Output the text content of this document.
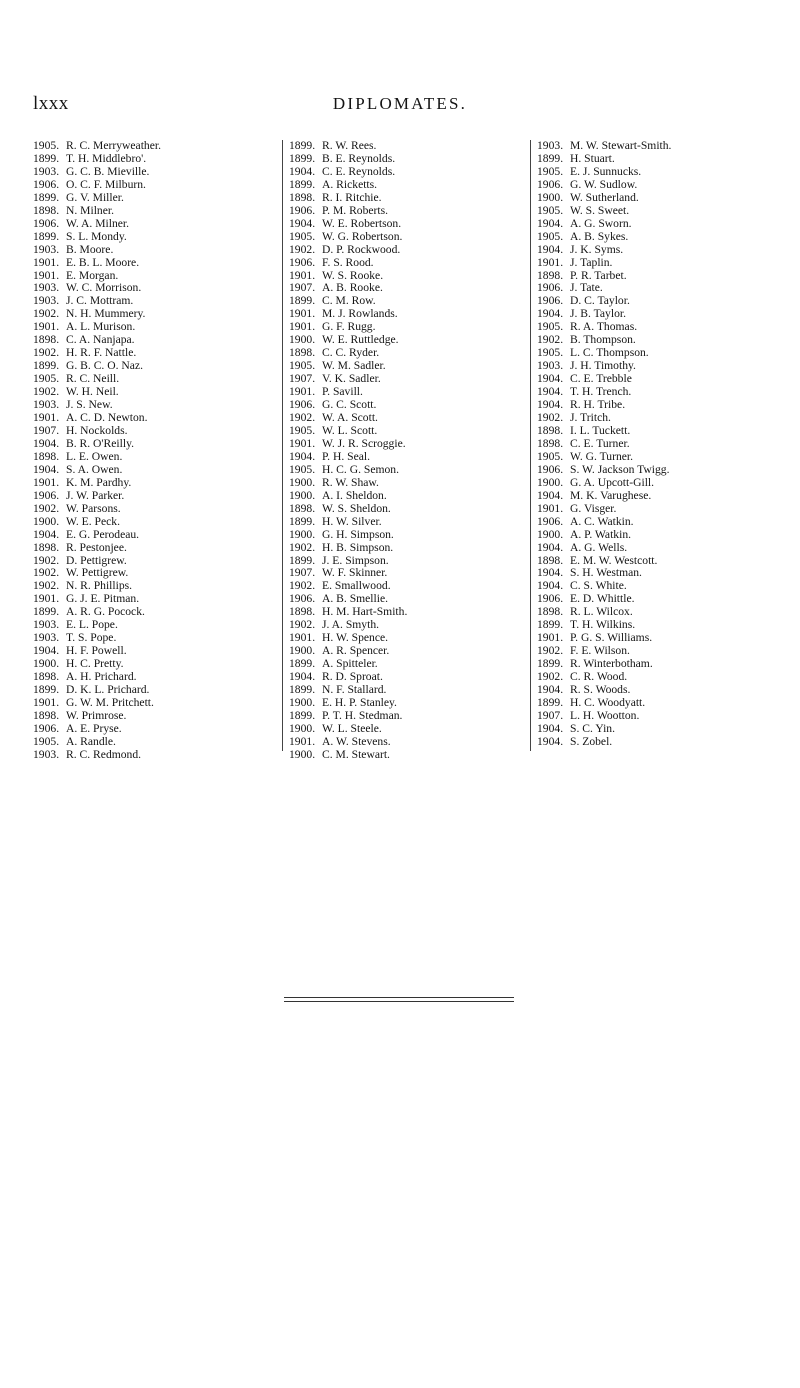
lxxx	DIPLOMATES.
1905. R. C. Merryweather.
1899. T. H. Middlebro'.
1903. G. C. B. Mieville.
1906. O. C. F. Milburn.
1899. G. V. Miller.
1898. N. Milner.
1906. W. A. Milner.
1899. S. L. Mondy.
1903. B. Moore.
1901. E. B. L. Moore.
1901. E. Morgan.
1903. W. C. Morrison.
1903. J. C. Mottram.
1902. N. H. Mummery.
1901. A. L. Murison.
1898. C. A. Nanjapa.
1902. H. R. F. Nattle.
1899. G. B. C. O. Naz.
1905. R. C. Neill.
1902. W. H. Neil.
1903. J. S. New.
1901. A. C. D. Newton.
1907. H. Nockolds.
1904. B. R. O'Reilly.
1898. L. E. Owen.
1904. S. A. Owen.
1901. K. M. Pardhy.
1906. J. W. Parker.
1902. W. Parsons.
1900. W. E. Peck.
1904. E. G. Perodeau.
1898. R. Pestonjee.
1902. D. Pettigrew.
1902. W. Pettigrew.
1902. N. R. Phillips.
1901. G. J. E. Pitman.
1899. A. R. G. Pocock.
1903. E. L. Pope.
1903. T. S. Pope.
1904. H. F. Powell.
1900. H. C. Pretty.
1898. A. H. Prichard.
1899. D. K. L. Prichard.
1901. G. W. M. Pritchett.
1898. W. Primrose.
1906. A. E. Pryse.
1905. A. Randle.
1903. R. C. Redmond.
1899. R. W. Rees.
1899. B. E. Reynolds.
1904. C. E. Reynolds.
1899. A. Ricketts.
1898. R. I. Ritchie.
1906. P. M. Roberts.
1904. W. E. Robertson.
1905. W. G. Robertson.
1902. D. P. Rockwood.
1906. F. S. Rood.
1901. W. S. Rooke.
1907. A. B. Rooke.
1899. C. M. Row.
1901. M. J. Rowlands.
1901. G. F. Rugg.
1900. W. E. Ruttledge.
1898. C. C. Ryder.
1905. W. M. Sadler.
1907. V. K. Sadler.
1901. P. Savill.
1906. G. C. Scott.
1902. W. A. Scott.
1905. W. L. Scott.
1901. W. J. R. Scroggie.
1904. P. H. Seal.
1905. H. C. G. Semon.
1900. R. W. Shaw.
1900. A. I. Sheldon.
1898. W. S. Sheldon.
1899. H. W. Silver.
1900. G. H. Simpson.
1902. H. B. Simpson.
1899. J. E. Simpson.
1907. W. F. Skinner.
1902. E. Smallwood.
1906. A. B. Smellie.
1898. H. M. Hart-Smith.
1902. J. A. Smyth.
1901. H. W. Spence.
1900. A. R. Spencer.
1899. A. Spitteler.
1904. R. D. Sproat.
1899. N. F. Stallard.
1900. E. H. P. Stanley.
1899. P. T. H. Stedman.
1900. W. L. Steele.
1901. A. W. Stevens.
1900. C. M. Stewart.
1903. M. W. Stewart-Smith.
1899. H. Stuart.
1905. E. J. Sunnucks.
1906. G. W. Sudlow.
1900. W. Sutherland.
1905. W. S. Sweet.
1904. A. G. Sworn.
1905. A. B. Sykes.
1904. J. K. Syms.
1901. J. Taplin.
1898. P. R. Tarbet.
1906. J. Tate.
1906. D. C. Taylor.
1904. J. B. Taylor.
1905. R. A. Thomas.
1902. B. Thompson.
1905. L. C. Thompson.
1903. J. H. Timothy.
1904. C. E. Trebble
1904. T. H. Trench.
1904. R. H. Tribe.
1902. J. Tritch.
1898. I. L. Tuckett.
1898. C. E. Turner.
1905. W. G. Turner.
1906. S. W. Jackson Twigg.
1900. G. A. Upcott-Gill.
1904. M. K. Varughese.
1901. G. Visger.
1906. A. C. Watkin.
1900. A. P. Watkin.
1904. A. G. Wells.
1898. E. M. W. Westcott.
1904. S. H. Westman.
1904. C. S. White.
1906. E. D. Whittle.
1898. R. L. Wilcox.
1899. T. H. Wilkins.
1901. P. G. S. Williams.
1902. F. E. Wilson.
1899. R. Winterbotham.
1902. C. R. Wood.
1904. R. S. Woods.
1899. H. C. Woodyatt.
1907. L. H. Wootton.
1904. S. C. Yin.
1904. S. Zobel.
